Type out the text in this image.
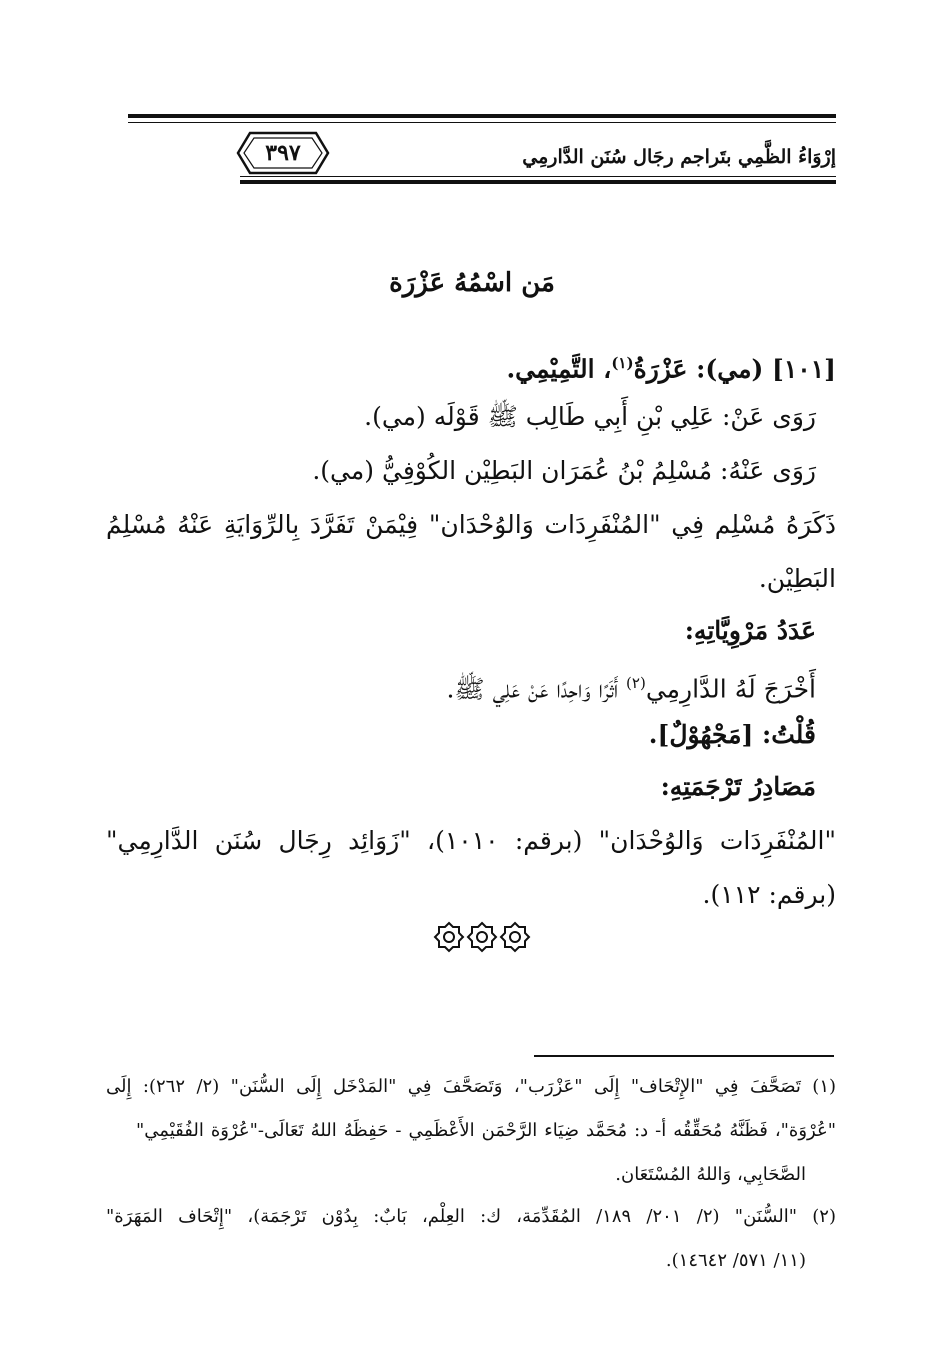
٣٩٧	إرْوَاءُ الظَّمِي بتَراجم رجَال سُنَن الدَّارمِي
مَن اسْمُهُ عَزْرَة
[١٠١] (مي): عَزْرَةُ$^{(١)}$، التَّمِيْمِي.
رَوَى عَنْ: عَلِي بْنِ أَبِي طَالِب ﷺ قَوْلَه (مي).
رَوَى عَنْهُ: مُسْلِمُ بْنُ عُمَرَان البَطِيْن الكُوْفِيُّ (مي).
ذَكَرَهُ مُسْلِم فِي "المُنْفَرِدَات وَالوُحْدَان" فِيْمَنْ تَفَرَّدَ بِالرِّوَايَةِ عَنْهُ مُسْلِمُ
البَطِيْن.
عَدَدُ مَرْوِيَّاتِهِ:
أَخْرَجَ لَهُ الدَّارِمِي$^{(٢)}$ أَثَرًا وَاحِدًا عَنْ عَلِي ﷺ.
قُلْتُ: [مَجْهُوْلٌ].
مَصَادِرُ تَرْجَمَتِهِ:
"المُنْفَرِدَات وَالوُحْدَان" (برقم: ١٠١٠)، "زَوَائِد رِجَال سُنَن الدَّارِمِي"
(برقم: ١١٢).
(١) تَصَحَّفَ فِي "الإِتْحَاف" إِلَى "عَزْرَب"، وَتَصَحَّفَ فِي "المَدْخَل إِلَى السُّنَن" (٢/ ٢٦٢): إِلَى
"عُرْوَة"، فَظَنَّهُ مُحَقِّقُه أ- د: مُحَمَّد ضِيَاء الرَّحْمَن الأَعْظَمِي - حَفِظَهُ اللهُ تَعَالَى-"عُرْوَة الفُقَيْمِي"
الصَّحَابِي، وَاللهُ المُسْتَعَان.
(٢) "السُّنَن" (٢/ ٢٠١/ ١٨٩/ المُقَدِّمَة، ك: العِلْم، بَابٌ: بِدُوْن تَرْجَمَة)، "إِتْحَاف المَهَرَة"
(١١/ ٥٧١/ ١٤٦٤٢).
